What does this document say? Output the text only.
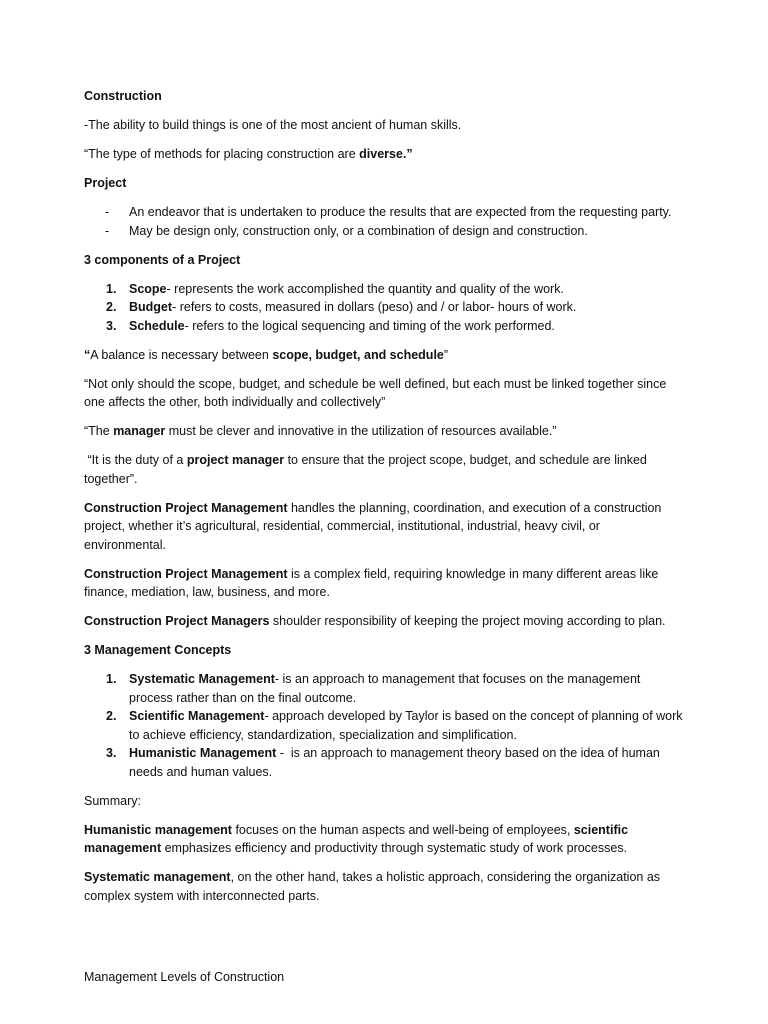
Construction

-The ability to build things is one of the most ancient of human skills.

“The type of methods for placing construction are diverse.”

Project

- An endeavor that is undertaken to produce the results that are expected from the requesting party.
- May be design only, construction only, or a combination of design and construction.

3 components of a Project

1. Scope- represents the work accomplished the quantity and quality of the work.
2. Budget- refers to costs, measured in dollars (peso) and / or labor- hours of work.
3. Schedule- refers to the logical sequencing and timing of the work performed.

“A balance is necessary between scope, budget, and schedule”

“Not only should the scope, budget, and schedule be well defined, but each must be linked together since one affects the other, both individually and collectively”

“The manager must be clever and innovative in the utilization of resources available.”

“It is the duty of a project manager to ensure that the project scope, budget, and schedule are linked together”.

Construction Project Management handles the planning, coordination, and execution of a construction project, whether it’s agricultural, residential, commercial, institutional, industrial, heavy civil, or environmental.

Construction Project Management is a complex field, requiring knowledge in many different areas like finance, mediation, law, business, and more.

Construction Project Managers shoulder responsibility of keeping the project moving according to plan.

3 Management Concepts

1. Systematic Management- is an approach to management that focuses on the management process rather than on the final outcome.
2. Scientific Management- approach developed by Taylor is based on the concept of planning of work to achieve efficiency, standardization, specialization and simplification.
3. Humanistic Management -  is an approach to management theory based on the idea of human needs and human values.

Summary:

Humanistic management focuses on the human aspects and well-being of employees, scientific management emphasizes efficiency and productivity through systematic study of work processes.

Systematic management, on the other hand, takes a holistic approach, considering the organization as complex system with interconnected parts.

Management Levels of Construction
